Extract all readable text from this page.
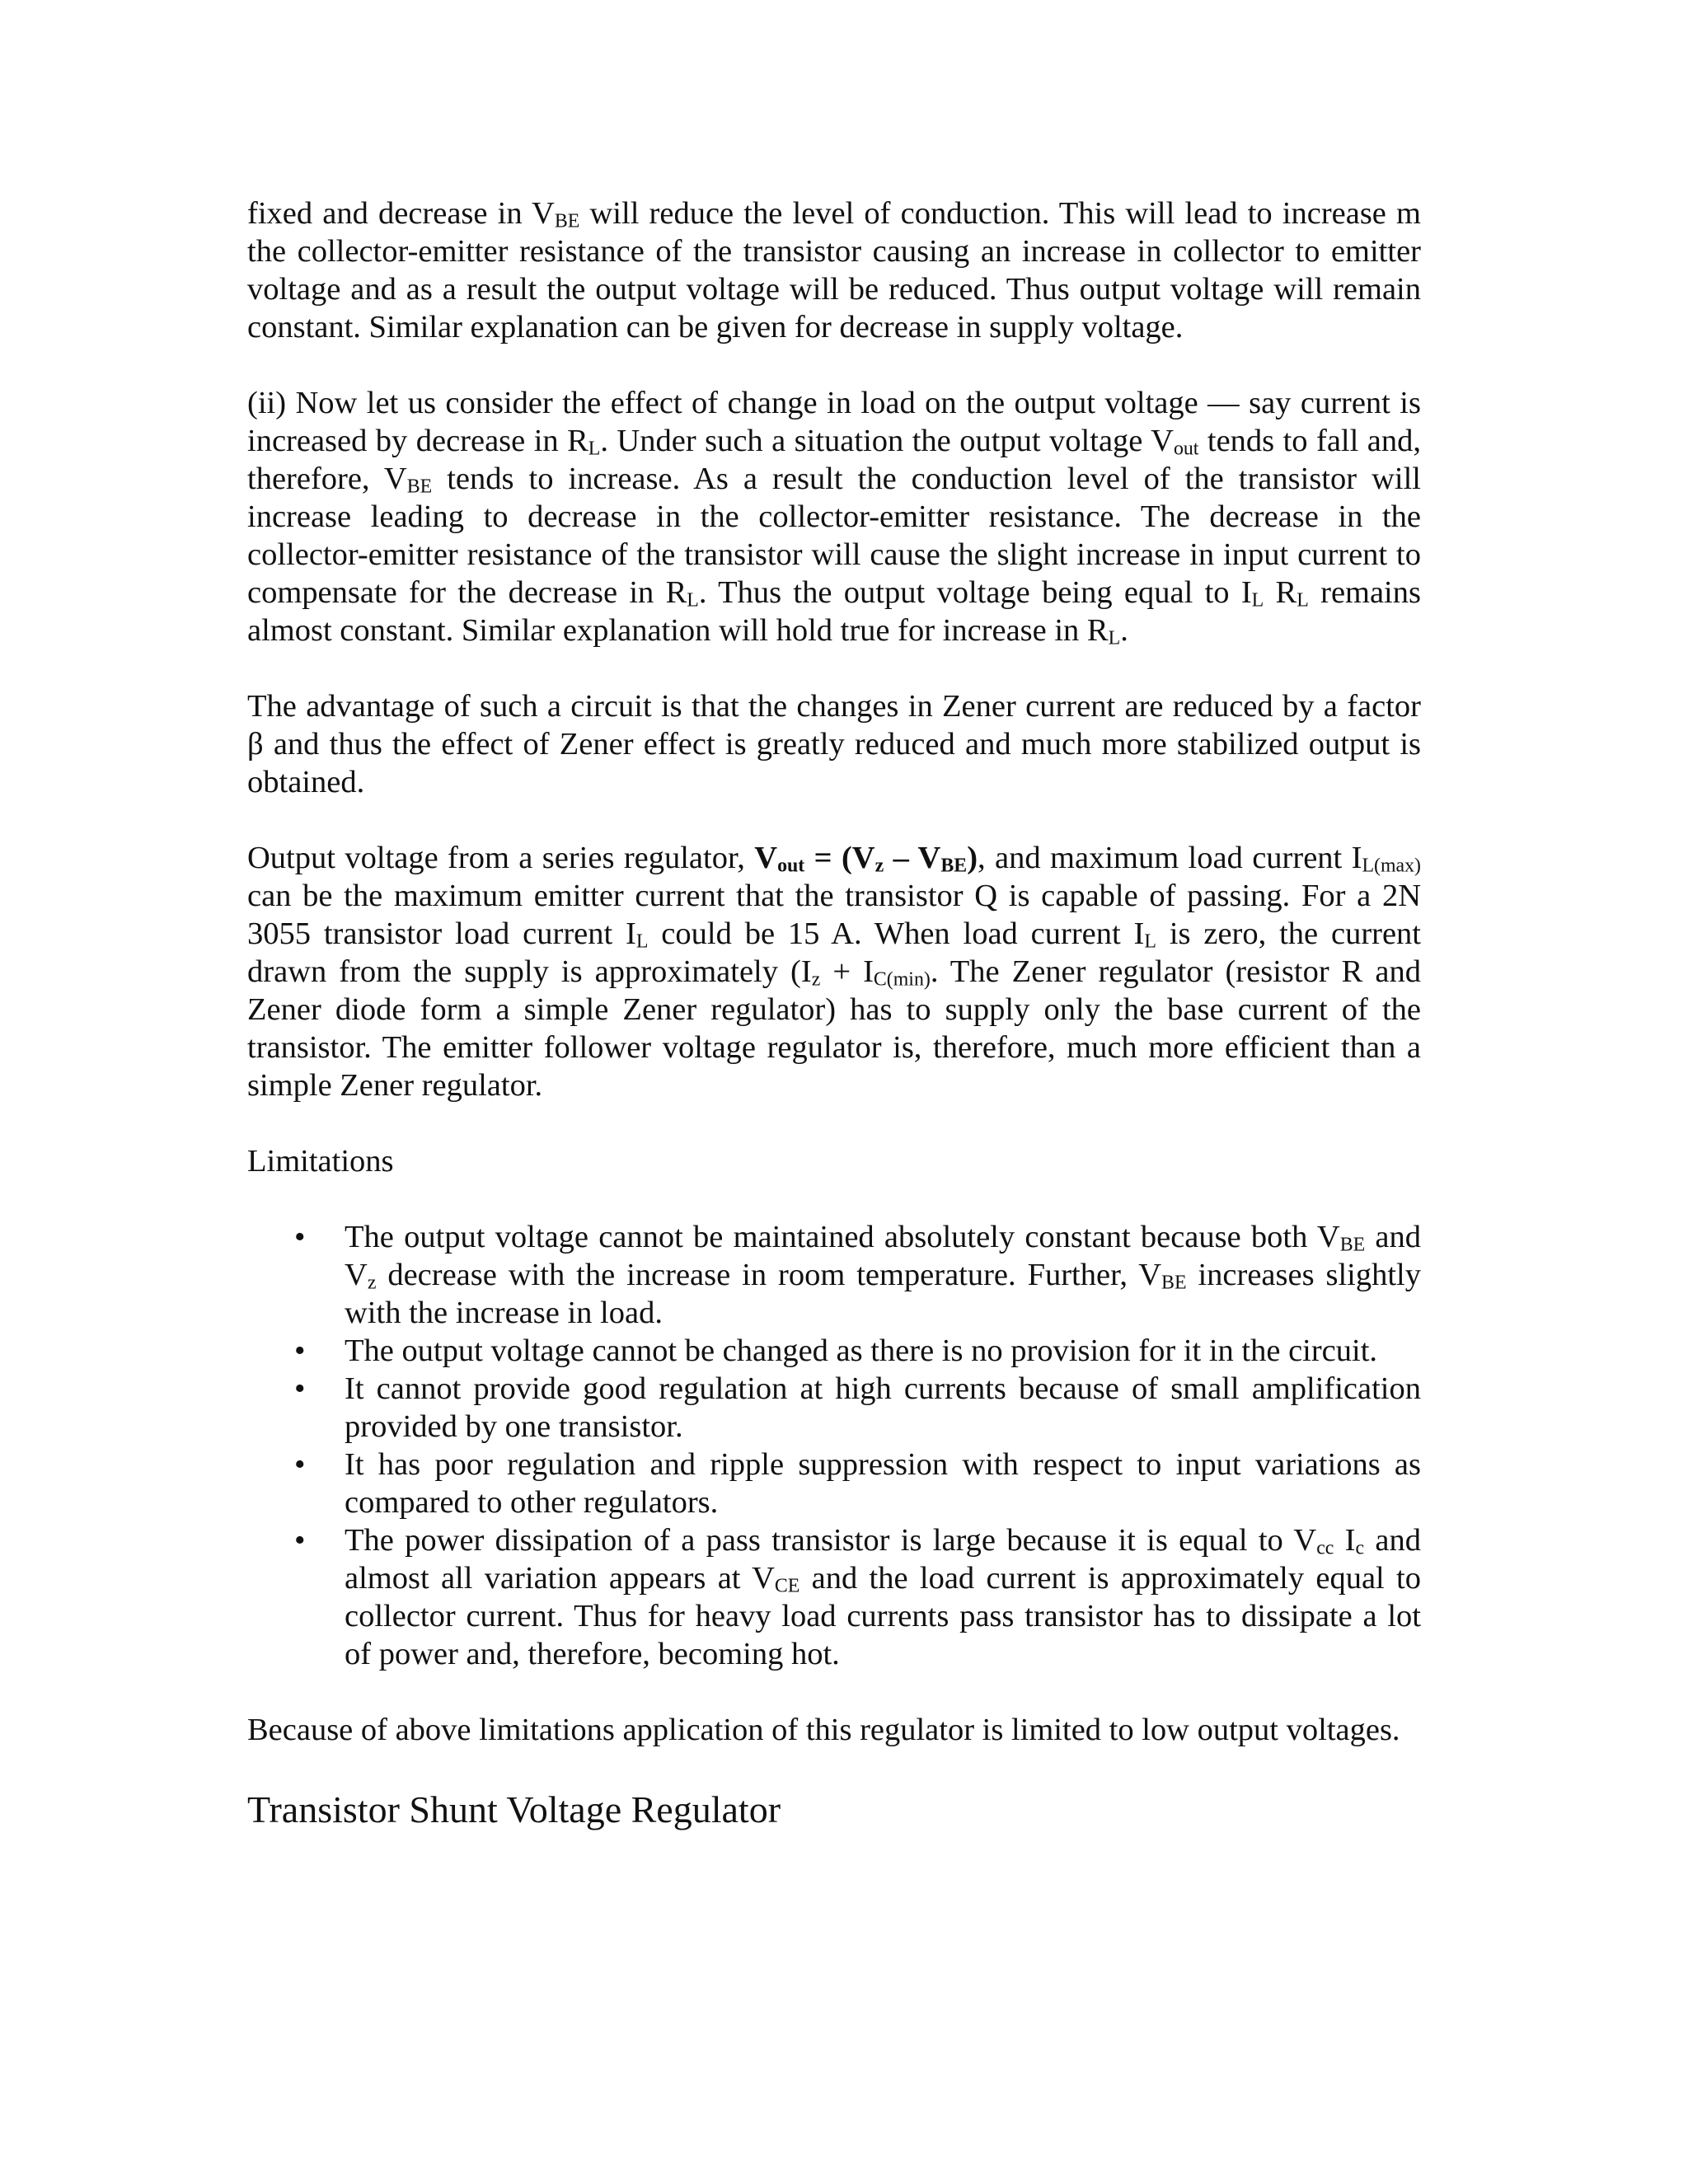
fixed and decrease in $V_{BE}$ will reduce the level of conduction. This will lead to increase m the collector-emitter resistance of the transistor causing an increase in collector to emitter voltage and as a result the output voltage will be reduced. Thus output voltage will remain constant. Similar explanation can be given for decrease in supply voltage.

(ii) Now let us consider the effect of change in load on the output voltage — say current is increased by decrease in $R_L$. Under such a situation the output voltage $V_{out}$ tends to fall and, therefore, $V_{BE}$ tends to increase. As a result the conduction level of the transistor will increase leading to decrease in the collector-emitter resistance. The decrease in the collector-emitter resistance of the transistor will cause the slight increase in input current to compensate for the decrease in $R_L$. Thus the output voltage being equal to $I_L$ $R_L$ remains almost constant. Similar explanation will hold true for increase in $R_L$.

The advantage of such a circuit is that the changes in Zener current are reduced by a factor β and thus the effect of Zener effect is greatly reduced and much more stabilized output is obtained.

Output voltage from a series regulator, $V_{out} = (V_z - V_{BE})$, and maximum load current $I_{L(max)}$ can be the maximum emitter current that the transistor Q is capable of passing. For a 2N 3055 transistor load current $I_L$ could be 15 A. When load current $I_L$ is zero, the current drawn from the supply is approximately ($I_z + I_{C(min)}$. The Zener regulator (resistor R and Zener diode form a simple Zener regulator) has to supply only the base current of the transistor. The emitter follower voltage regulator is, therefore, much more efficient than a simple Zener regulator.

Limitations
• The output voltage cannot be maintained absolutely constant because both $V_{BE}$ and $V_z$ decrease with the increase in room temperature. Further, $V_{BE}$ increases slightly with the increase in load.
• The output voltage cannot be changed as there is no provision for it in the circuit.
• It cannot provide good regulation at high currents because of small amplification provided by one transistor.
• It has poor regulation and ripple suppression with respect to input variations as compared to other regulators.
• The power dissipation of a pass transistor is large because it is equal to $V_{cc}$ $I_c$ and almost all variation appears at $V_{CE}$ and the load current is approximately equal to collector current. Thus for heavy load currents pass transistor has to dissipate a lot of power and, therefore, becoming hot.

Because of above limitations application of this regulator is limited to low output voltages.

Transistor Shunt Voltage Regulator
